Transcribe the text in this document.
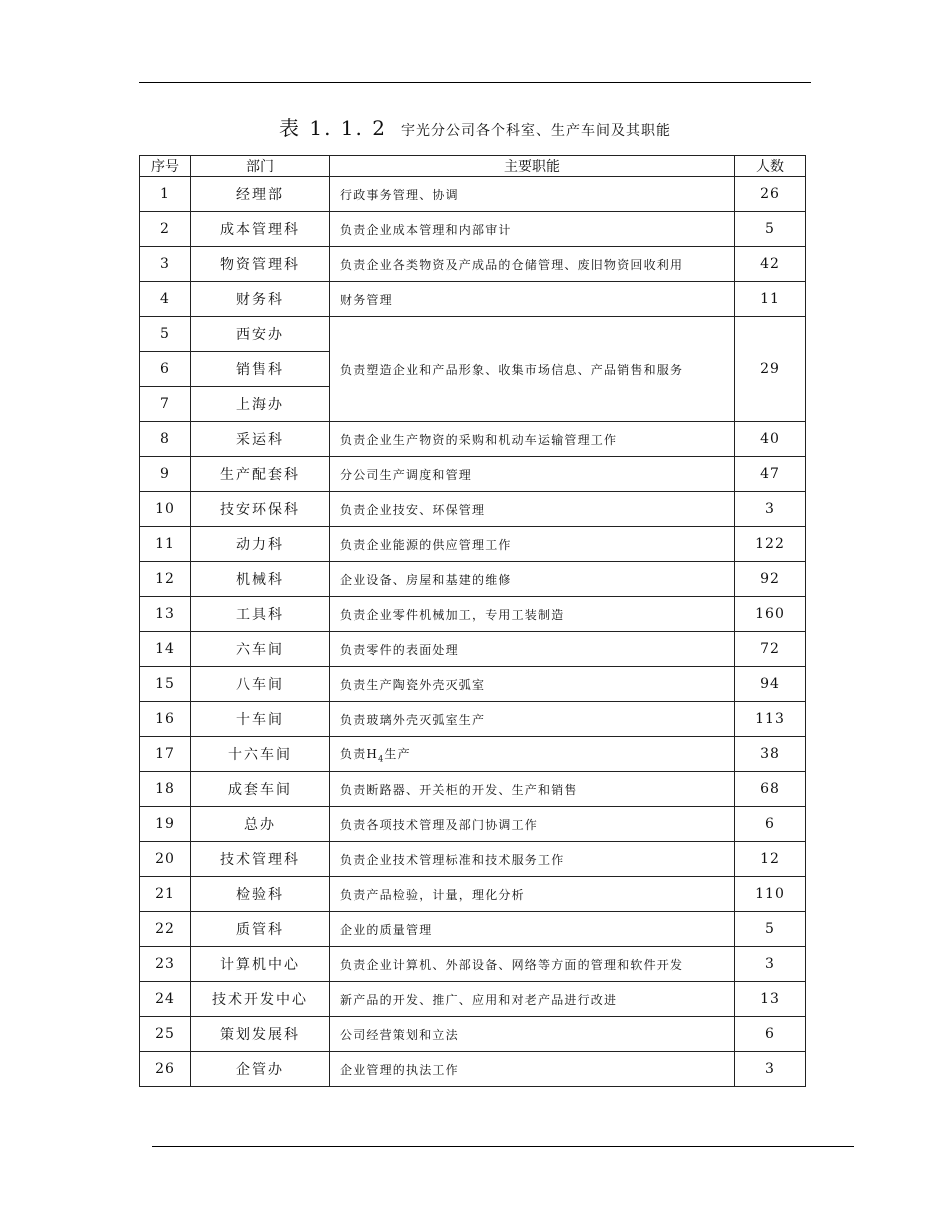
表 1. 1. 2 宇光分公司各个科室、生产车间及其职能
序号	部门	主要职能	人数
1	经理部	行政事务管理、协调	26
2	成本管理科	负责企业成本管理和内部审计	5
3	物资管理科	负责企业各类物资及产成品的仓储管理、废旧物资回收利用	42
4	财务科	财务管理	11
5	西安办	负责塑造企业和产品形象、收集市场信息、产品销售和服务	29
6	销售科		
7	上海办		
8	采运科	负责企业生产物资的采购和机动车运输管理工作	40
9	生产配套科	分公司生产调度和管理	47
10	技安环保科	负责企业技安、环保管理	3
11	动力科	负责企业能源的供应管理工作	122
12	机械科	企业设备、房屋和基建的维修	92
13	工具科	负责企业零件机械加工，专用工装制造	160
14	六车间	负责零件的表面处理	72
15	八车间	负责生产陶瓷外壳灭弧室	94
16	十车间	负责玻璃外壳灭弧室生产	113
17	十六车间	负责$H_4$生产	38
18	成套车间	负责断路器、开关柜的开发、生产和销售	68
19	总办	负责各项技术管理及部门协调工作	6
20	技术管理科	负责企业技术管理标准和技术服务工作	12
21	检验科	负责产品检验，计量，理化分析	110
22	质管科	企业的质量管理	5
23	计算机中心	负责企业计算机、外部设备、网络等方面的管理和软件开发	3
24	技术开发中心	新产品的开发、推广、应用和对老产品进行改进	13
25	策划发展科	公司经营策划和立法	6
26	企管办	企业管理的执法工作	3
